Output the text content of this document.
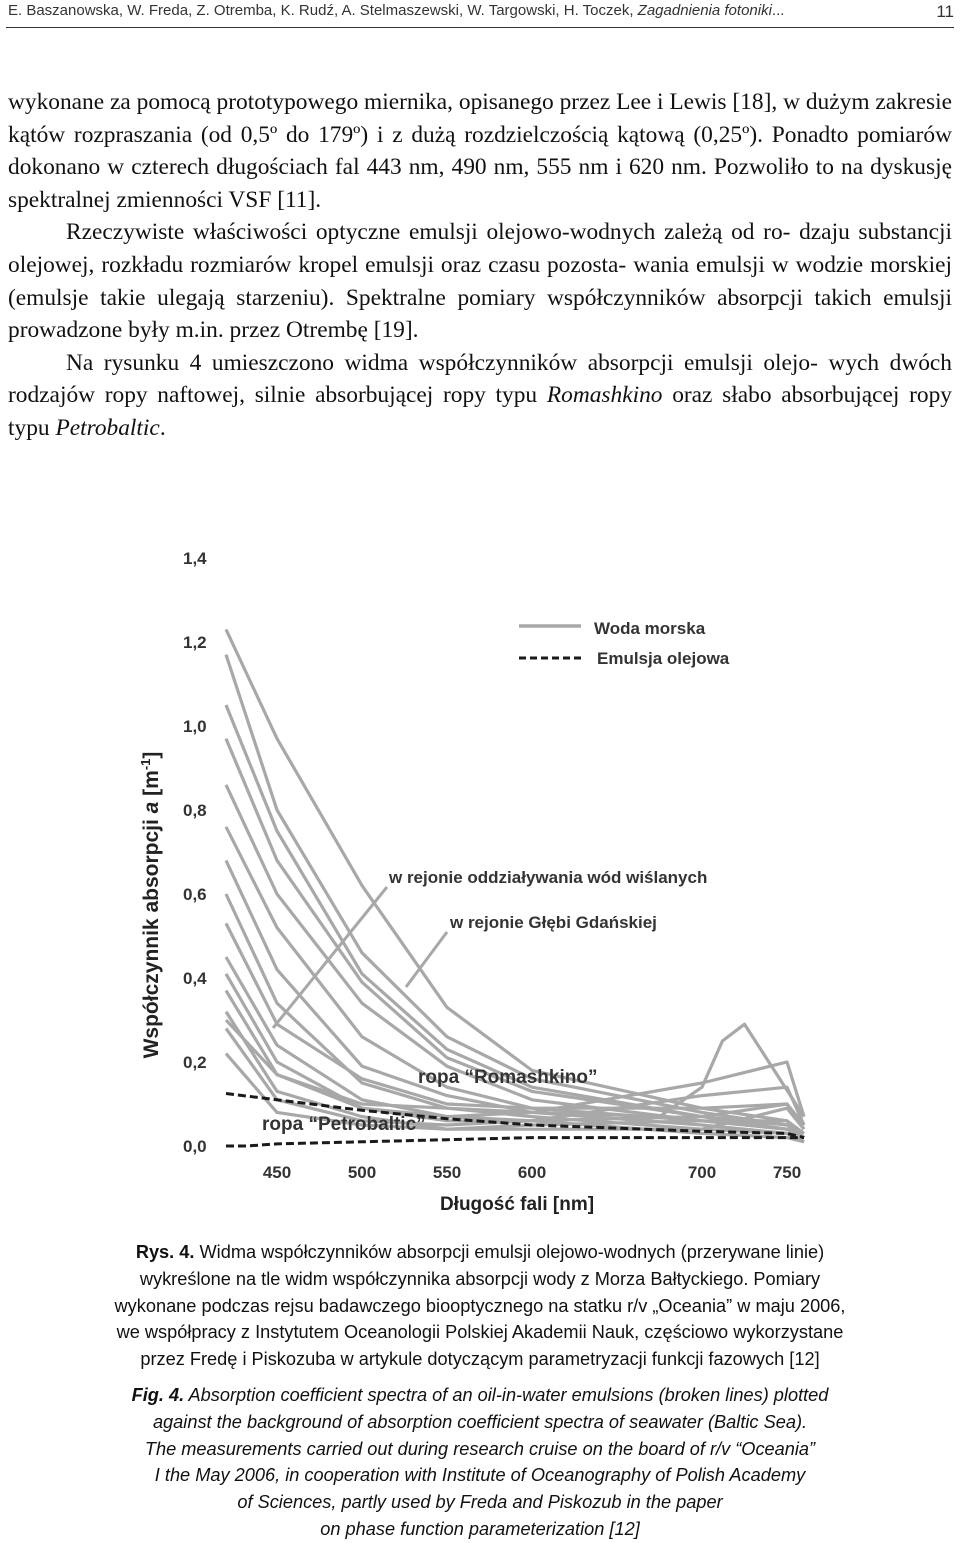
E. Baszanowska, W. Freda, Z. Otremba, K. Rudź, A. Stelmaszewski, W. Targowski, H. Toczek, Zagadnienia fotoniki...	11

wykonane za pomocą prototypowego miernika, opisanego przez Lee i Lewis [18], w dużym zakresie kątów rozpraszania (od 0,5º do 179º) i z dużą rozdzielczością kątową (0,25º). Ponadto pomiarów dokonano w czterech długościach fal 443 nm, 490 nm, 555 nm i 620 nm. Pozwoliło to na dyskusję spektralnej zmienności VSF [11].

Rzeczywiste właściwości optyczne emulsji olejowo-wodnych zależą od ro- dzaju substancji olejowej, rozkładu rozmiarów kropel emulsji oraz czasu pozosta- wania emulsji w wodzie morskiej (emulsje takie ulegają starzeniu). Spektralne pomiary współczynników absorpcji takich emulsji prowadzone były m.in. przez Otrembę [19].

Na rysunku 4 umieszczono widma współczynników absorpcji emulsji olejo- wych dwóch rodzajów ropy naftowej, silnie absorbującej ropy typu Romashkino oraz słabo absorbującej ropy typu Petrobaltic.

0,0
0,2
0,4
0,6
0,8
1,0
1,2
1,4
450	500	550	600	700	750
Współczynnik absorpcji a $[m^{-1}]$
Długość fali [nm]
Woda morska
Emulsja olejowa
w rejonie oddziaływania wód wiślanych
w rejonie Głębi Gdańskiej
ropa “Romashkino”
ropa “Petrobaltic”

Rys. 4. Widma współczynników absorpcji emulsji olejowo-wodnych (przerywane linie)
wykreślone na tle widm współczynnika absorpcji wody z Morza Bałtyckiego. Pomiary
wykonane podczas rejsu badawczego biooptycznego na statku r/v „Oceania” w maju 2006,
we współpracy z Instytutem Oceanologii Polskiej Akademii Nauk, częściowo wykorzystane
przez Fredę i Piskozuba w artykule dotyczącym parametryzacji funkcji fazowych [12]

Fig. 4. Absorption coefficient spectra of an oil-in-water emulsions (broken lines) plotted
against the background of absorption coefficient spectra of seawater (Baltic Sea).
The measurements carried out during research cruise on the board of r/v “Oceania”
I the May 2006, in cooperation with Institute of Oceanography of Polish Academy
of Sciences, partly used by Freda and Piskozub in the paper
on phase function parameterization [12]
